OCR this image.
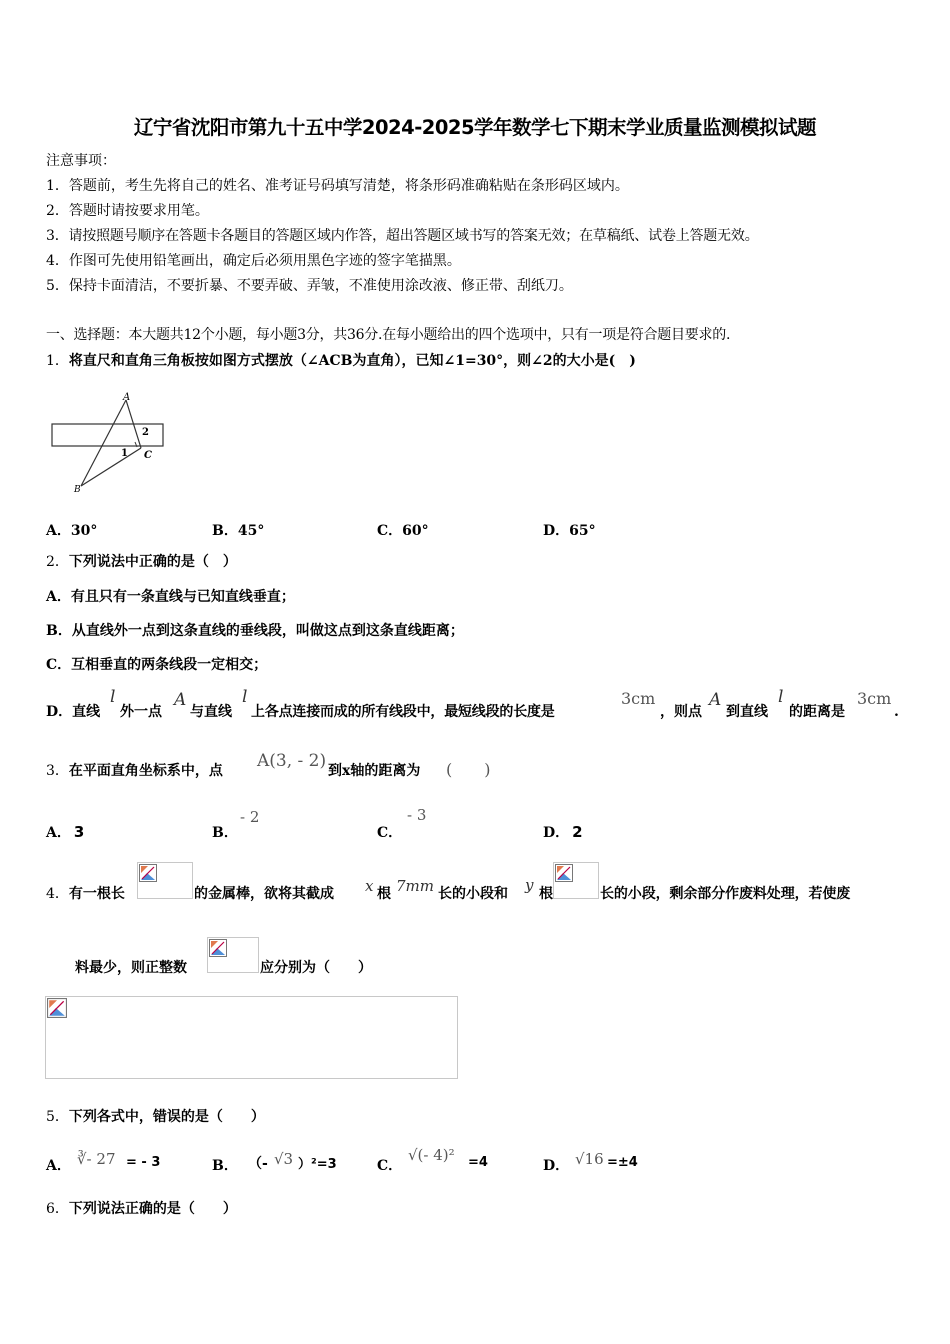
辽宁省沈阳市第九十五中学2024-2025学年数学七下期末学业质量监测模拟试题
注意事项：
1．答题前，考生先将自己的姓名、准考证号码填写清楚，将条形码准确粘贴在条形码区域内。
2．答题时请按要求用笔。
3．请按照题号顺序在答题卡各题目的答题区域内作答，超出答题区域书写的答案无效；在草稿纸、试卷上答题无效。
4．作图可先使用铅笔画出，确定后必须用黑色字迹的签字笔描黑。
5．保持卡面清洁，不要折暴、不要弄破、弄皱，不准使用涂改液、修正带、刮纸刀。
一、选择题：本大题共12个小题，每小题3分，共36分.在每小题给出的四个选项中，只有一项是符合题目要求的.
1．将直尺和直角三角板按如图方式摆放（∠ACB为直角），已知∠1=30°，则∠2的大小是(　)
A
2
1 C
B
A．30°	B．45°	C．60°	D．65°
2．下列说法中正确的是（　）
A．有且只有一条直线与已知直线垂直；
B．从直线外一点到这条直线的垂线段，叫做这点到这条直线距离；
C．互相垂直的两条线段一定相交；
D．直线
l
外一点
A
与直线
l
上各点连接而成的所有线段中，最短线段的长度是
3cm
，则点
A
到直线
l
的距离是
3cm
.
3．在平面直角坐标系中，点 A(3, - 2) 到x轴的距离为 (　　)
A． 3	B．
- 2
C．
- 3
D． 2
4．有一根长	的金属棒，欲将其截成 x 根 7mm 长的小段和 y 根	长的小段，剩余部分作废料处理，若使废
料最少，则正整数	应分别为（　　）
5．下列各式中，错误的是（　　）
A． ∛- 27 = - 3	B． （- √3 ）²=3	C．
√(- 4)² =4	D． √16 =±4
6．下列说法正确的是（　　）
